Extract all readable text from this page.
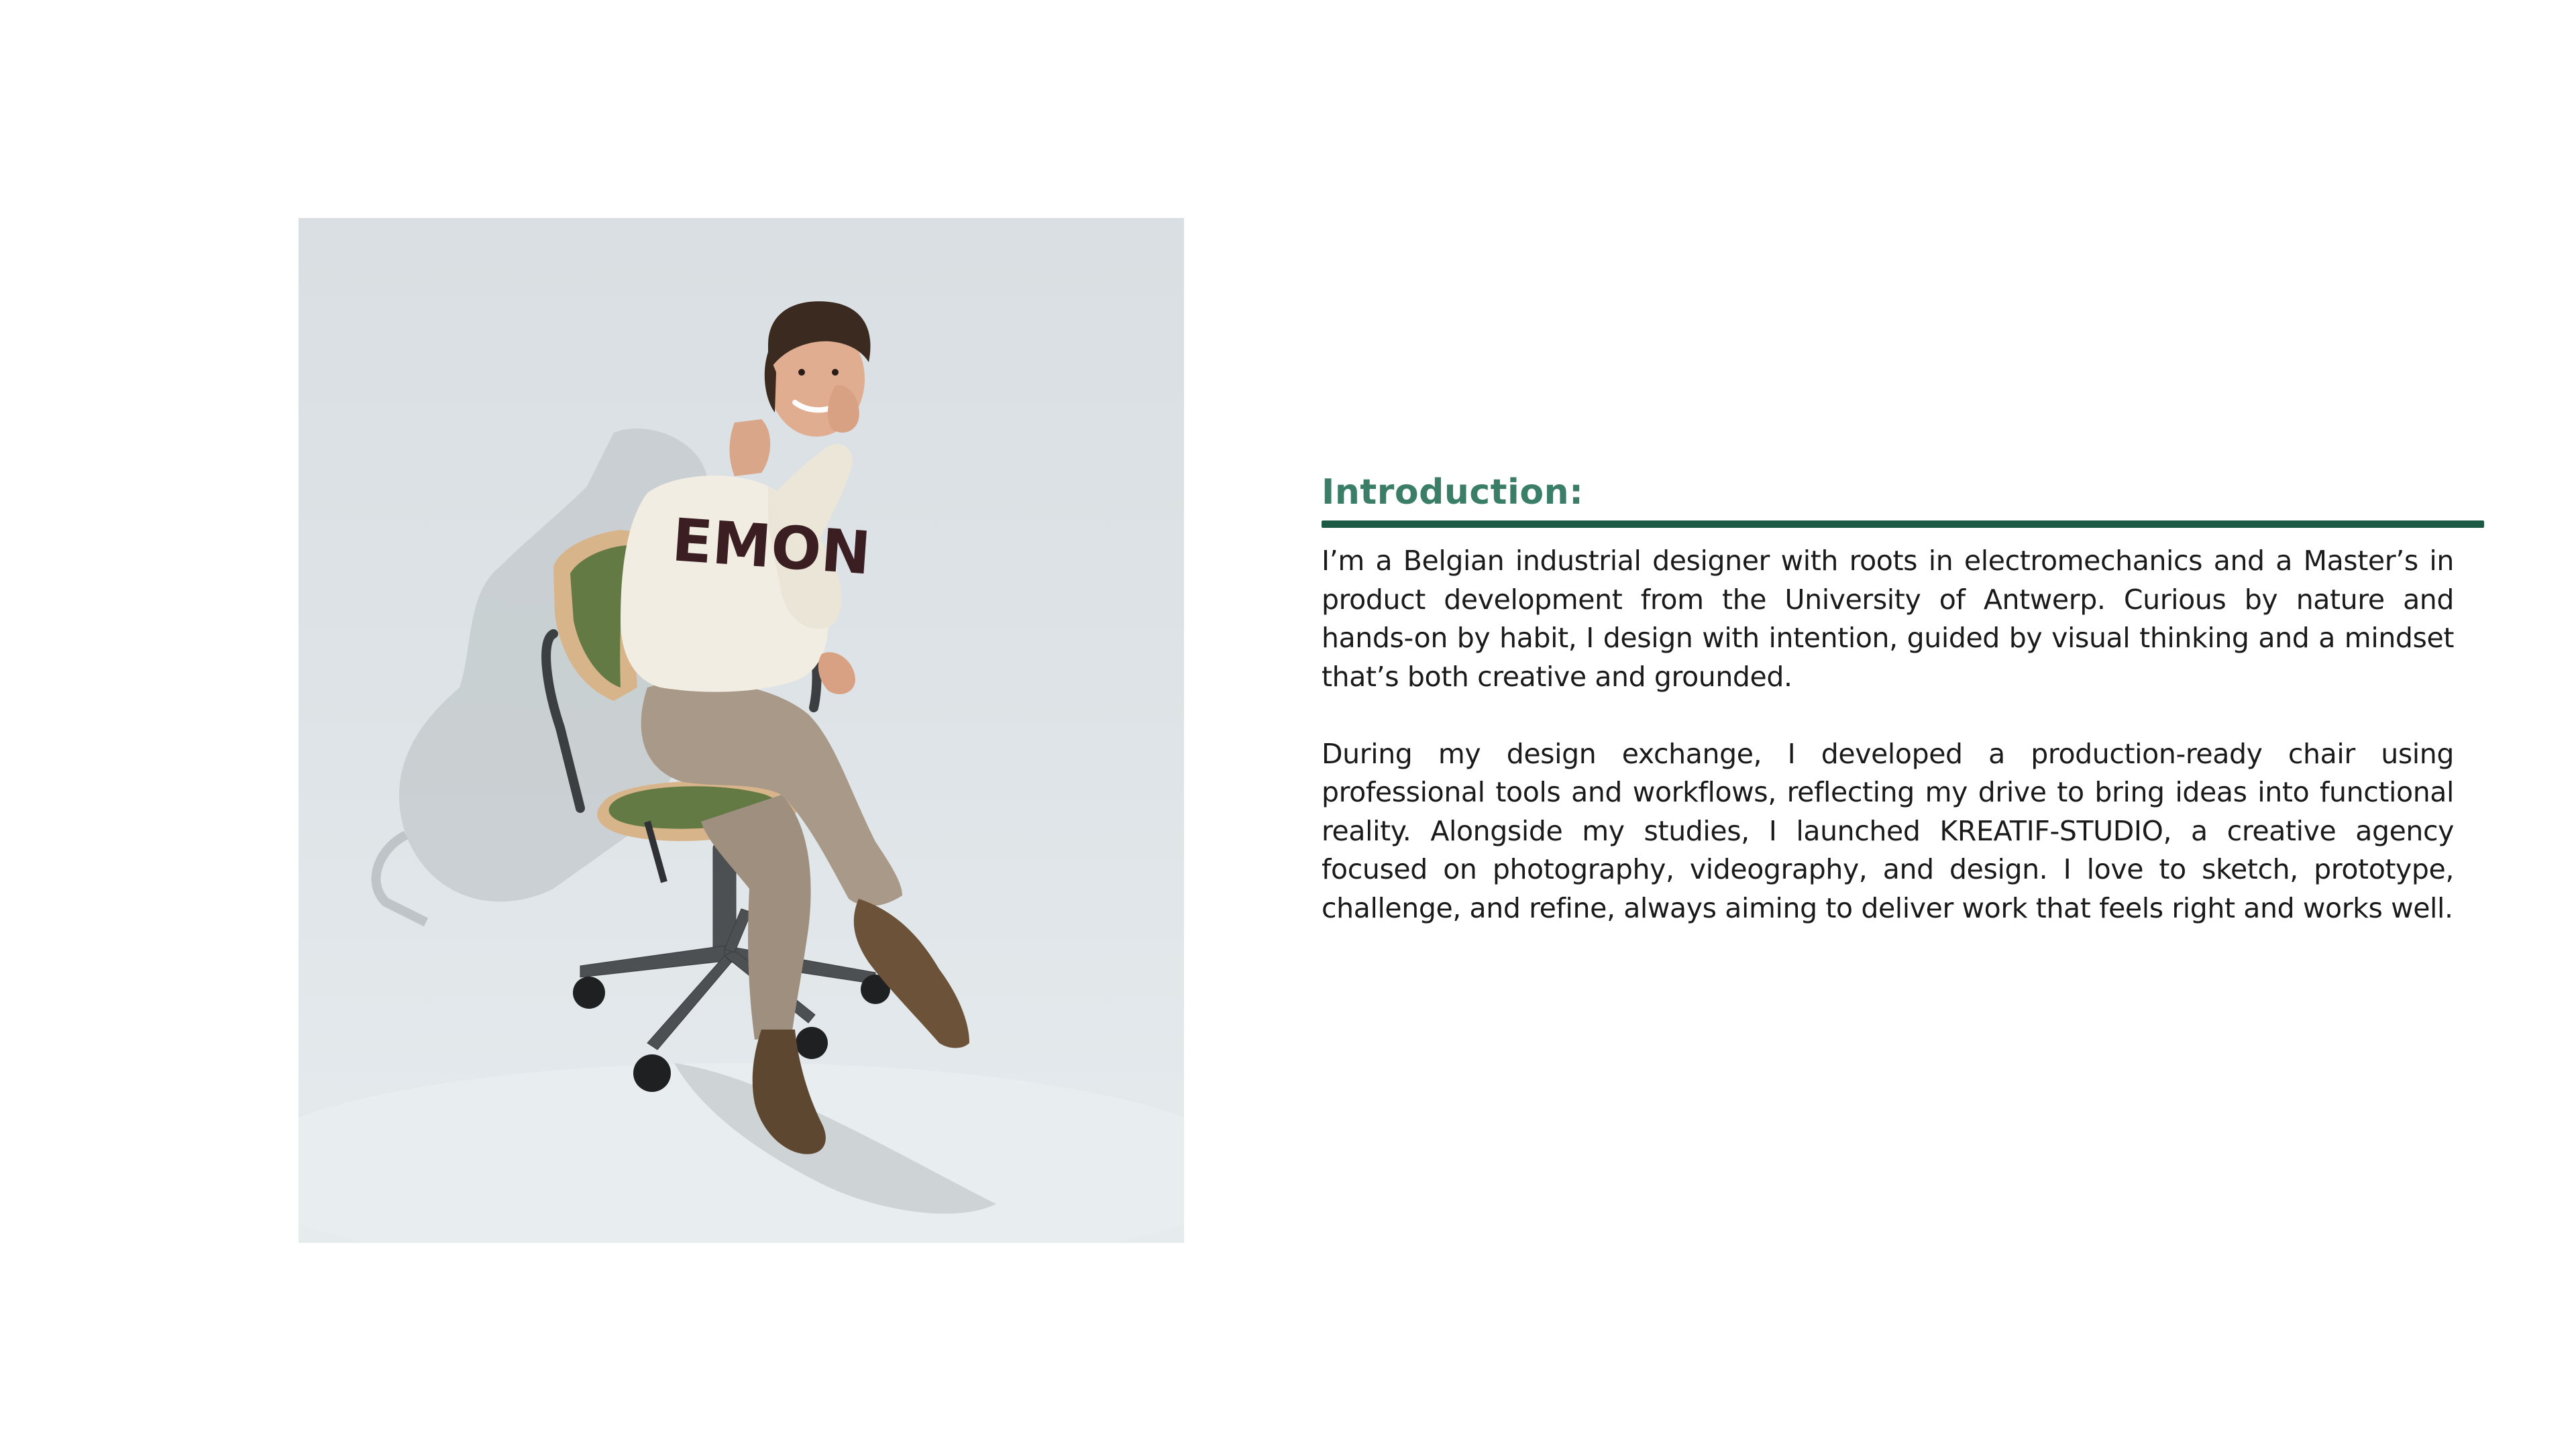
EMON
Introduction:

I’m a Belgian industrial designer with roots in electromechanics and a Master’s in product development from the University of Antwerp. Curious by nature and hands-on by habit, I design with intention, guided by visual thinking and a mindset that’s both creative and grounded.

During my design exchange, I developed a production-ready chair using professional tools and workflows, reflecting my drive to bring ideas into functional reality. Alongside my studies, I launched KREATIF-STUDIO, a creative agency focused on photography, videography, and design. I love to sketch, prototype, challenge, and refine, always aiming to deliver work that feels right and works well.
